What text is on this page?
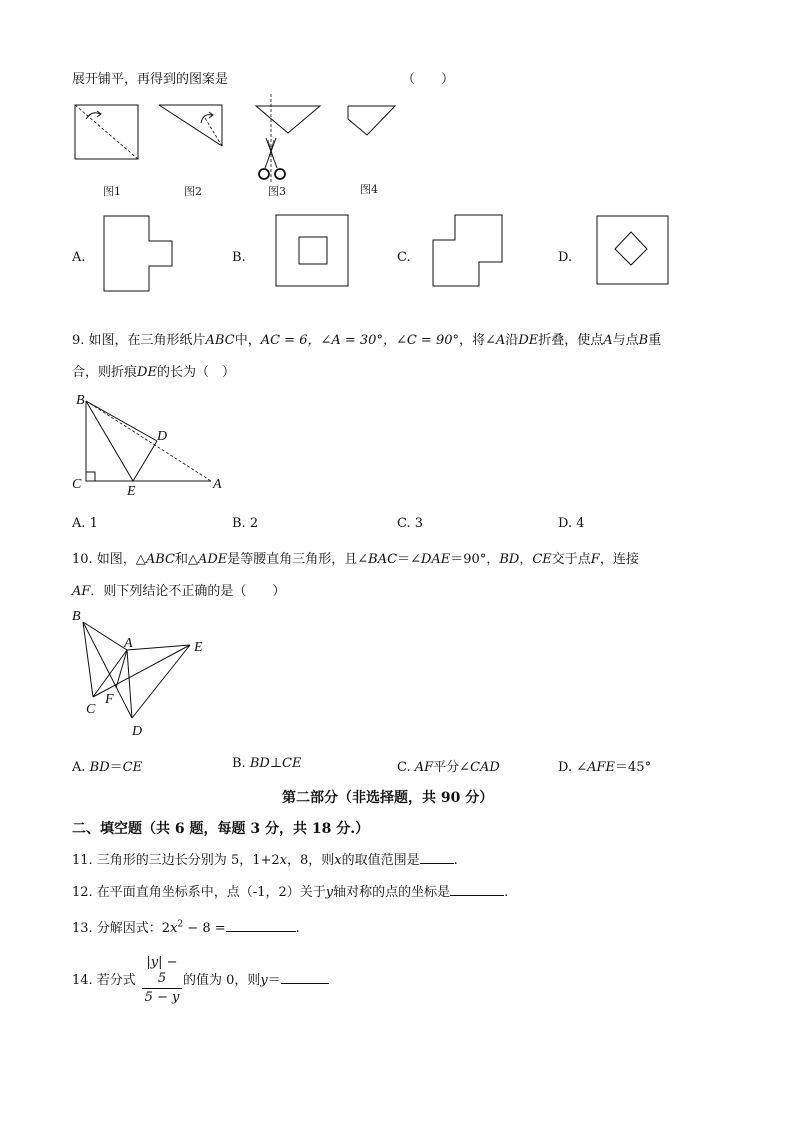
展开铺平，再得到的图案是	（　　）
图1	图2	图3	图4
A.	B.	C.	D.
9. 如图，在三角形纸片ABC中，AC = 6，∠A = 30°，∠C = 90°，将∠A沿DE折叠，使点A与点B重
合，则折痕DE的长为（　）
B
C
D
E	A
A. 1	B. 2	C. 3	D. 4
10. 如图，△ABC和△ADE是等腰直角三角形，且∠BAC＝∠DAE＝90°，BD，CE交于点F，连接
AF．则下列结论不正确的是（　　）
B
A	E
C
F
D
A. BD＝CE	B. BD⊥CE	C. AF平分∠CAD	D. ∠AFE＝45°
第二部分（非选择题，共 90 分）
二、填空题（共 6 题，每题 3 分，共 18 分.）
11. 三角形的三边长分别为 5，1+2x，8，则x的取值范围是	.
12. 在平面直角坐标系中，点（-1，2）关于y轴对称的点的坐标是	.
13. 分解因式：$2x^2 - 8$ =	.
14. 若分式 $\frac{|y| - 5}{5 - y}$ 的值为 0，则y＝
